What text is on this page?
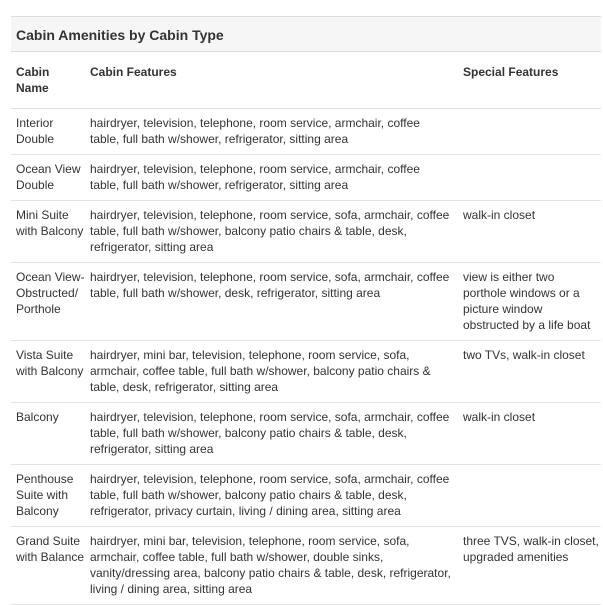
Cabin Amenities by Cabin Type
Cabin Name	Cabin Features	Special Features
Interior Double	hairdryer, television, telephone, room service, armchair, coffee table, full bath w/shower, refrigerator, sitting area	
Ocean View Double	hairdryer, television, telephone, room service, armchair, coffee table, full bath w/shower, refrigerator, sitting area	
Mini Suite with Balcony	hairdryer, television, telephone, room service, sofa, armchair, coffee table, full bath w/shower, balcony patio chairs & table, desk, refrigerator, sitting area	walk-in closet
Ocean View-Obstructed/ Porthole	hairdryer, television, telephone, room service, sofa, armchair, coffee table, full bath w/shower, desk, refrigerator, sitting area	view is either two porthole windows or a picture window obstructed by a life boat
Vista Suite with Balcony	hairdryer, mini bar, television, telephone, room service, sofa, armchair, coffee table, full bath w/shower, balcony patio chairs & table, desk, refrigerator, sitting area	two TVs, walk-in closet
Balcony	hairdryer, television, telephone, room service, sofa, armchair, coffee table, full bath w/shower, balcony patio chairs & table, desk, refrigerator, sitting area	walk-in closet
Penthouse Suite with Balcony	hairdryer, television, telephone, room service, sofa, armchair, coffee table, full bath w/shower, balcony patio chairs & table, desk, refrigerator, privacy curtain, living / dining area, sitting area	
Grand Suite with Balance	hairdryer, mini bar, television, telephone, room service, sofa, armchair, coffee table, full bath w/shower, double sinks, vanity/dressing area, balcony patio chairs & table, desk, refrigerator, living / dining area, sitting area	three TVS, walk-in closet, upgraded amenities
